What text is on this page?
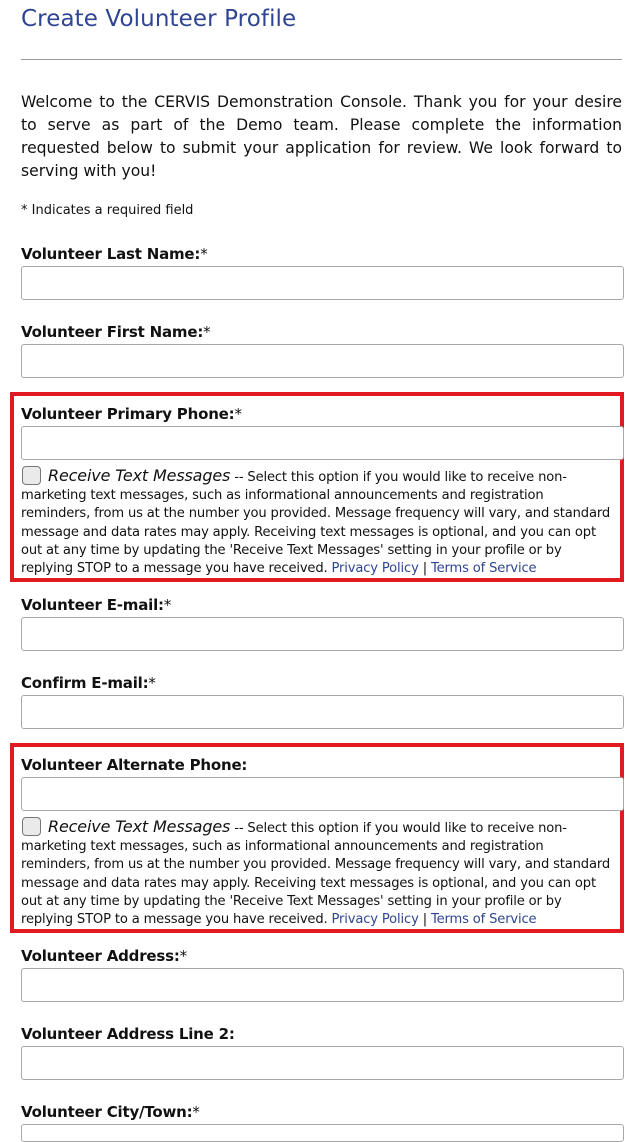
Create Volunteer Profile

Welcome to the CERVIS Demonstration Console. Thank you for your desire to serve as part of the Demo team. Please complete the information requested below to submit your application for review. We look forward to serving with you!

* Indicates a required field
Volunteer Last Name:*
Volunteer First Name:*
Volunteer Primary Phone:*
Receive Text Messages -- Select this option if you would like to receive non-marketing text messages, such as informational announcements and registration reminders, from us at the number you provided. Message frequency will vary, and standard message and data rates may apply. Receiving text messages is optional, and you can opt out at any time by updating the 'Receive Text Messages' setting in your profile or by replying STOP to a message you have received. Privacy Policy | Terms of Service
Volunteer E-mail:*
Confirm E-mail:*
Volunteer Alternate Phone:
Receive Text Messages -- Select this option if you would like to receive non-marketing text messages, such as informational announcements and registration reminders, from us at the number you provided. Message frequency will vary, and standard message and data rates may apply. Receiving text messages is optional, and you can opt out at any time by updating the 'Receive Text Messages' setting in your profile or by replying STOP to a message you have received. Privacy Policy | Terms of Service
Volunteer Address:*
Volunteer Address Line 2:
Volunteer City/Town:*
